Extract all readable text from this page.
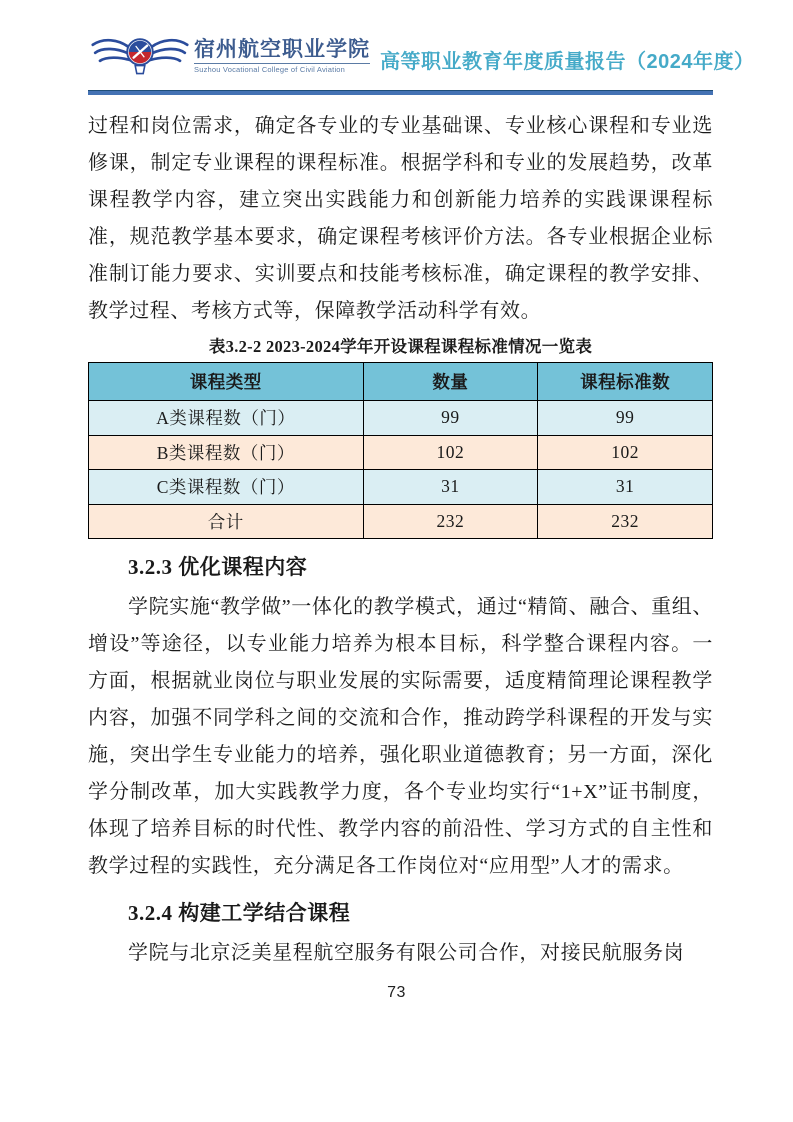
宿州航空职业学院
Suzhou Vocational College of Civil Aviation	高等职业教育年度质量报告（2024年度）

过程和岗位需求，确定各专业的专业基础课、专业核心课程和专业选修课，制定专业课程的课程标准。根据学科和专业的发展趋势，改革课程教学内容，建立突出实践能力和创新能力培养的实践课课程标准，规范教学基本要求，确定课程考核评价方法。各专业根据企业标准制订能力要求、实训要点和技能考核标准，确定课程的教学安排、教学过程、考核方式等，保障教学活动科学有效。

表3.2-2 2023-2024学年开设课程课程标准情况一览表
课程类型	数量	课程标准数
A类课程数（门）	99	99
B类课程数（门）	102	102
C类课程数（门）	31	31
合计	232	232
3.2.3 优化课程内容

学院实施“教学做”一体化的教学模式，通过“精简、融合、重组、增设”等途径，以专业能力培养为根本目标，科学整合课程内容。一方面，根据就业岗位与职业发展的实际需要，适度精简理论课程教学内容，加强不同学科之间的交流和合作，推动跨学科课程的开发与实施，突出学生专业能力的培养，强化职业道德教育；另一方面，深化学分制改革，加大实践教学力度，各个专业均实行“1+X”证书制度，体现了培养目标的时代性、教学内容的前沿性、学习方式的自主性和教学过程的实践性，充分满足各工作岗位对“应用型”人才的需求。

3.2.4 构建工学结合课程

学院与北京泛美星程航空服务有限公司合作，对接民航服务岗

73
